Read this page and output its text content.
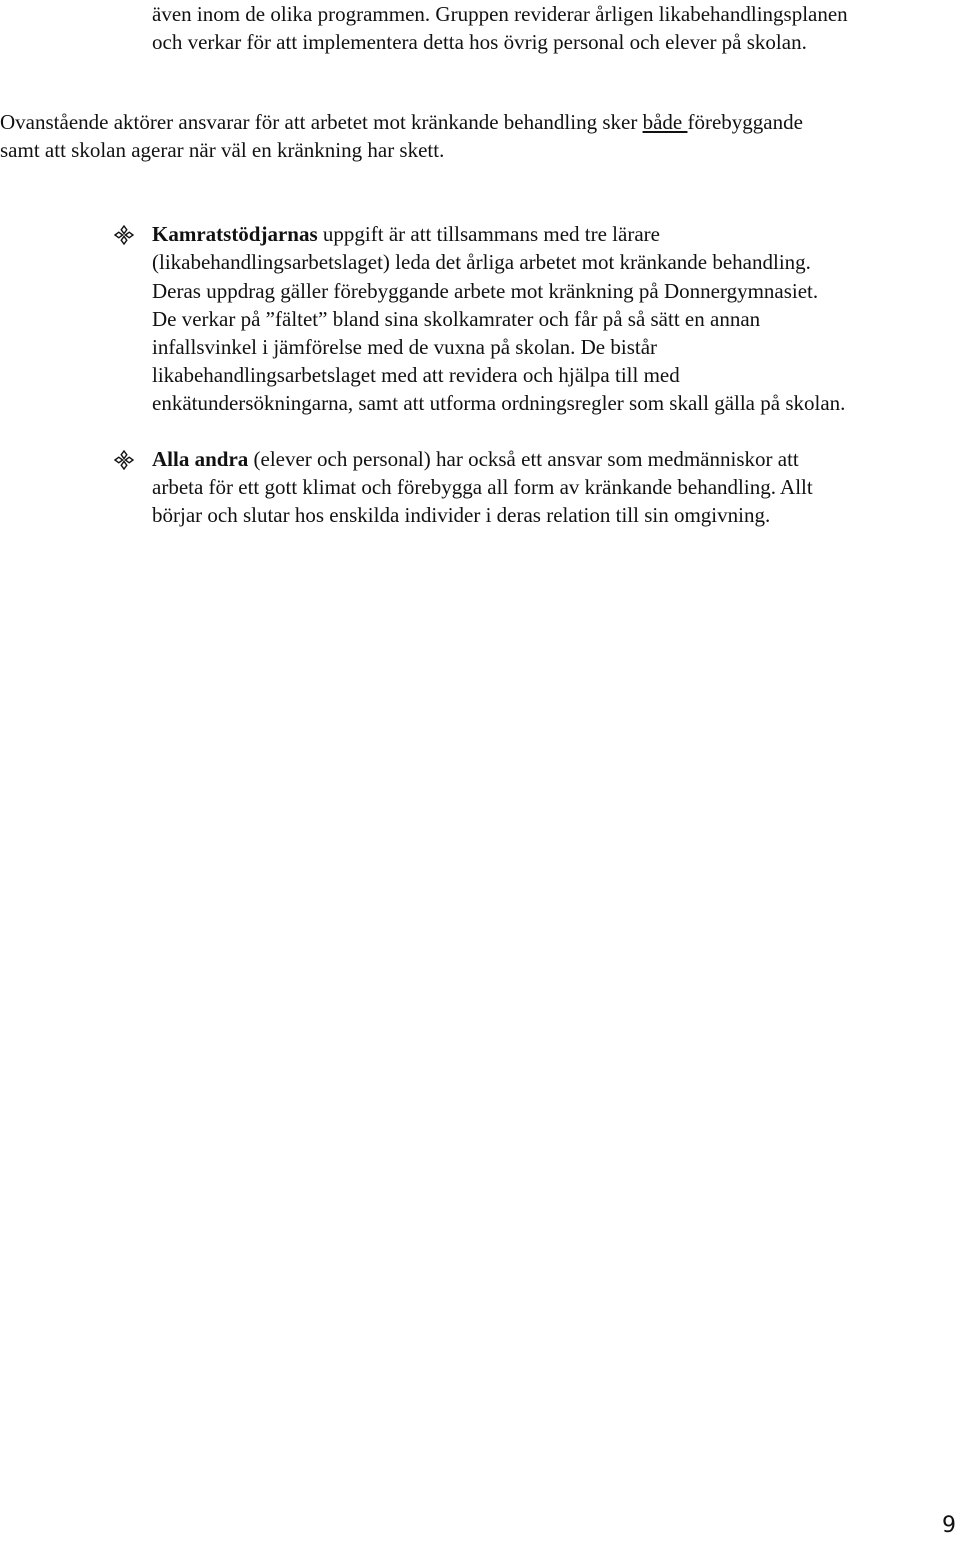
även inom de olika programmen. Gruppen reviderar årligen likabehandlingsplanen
och verkar för att implementera detta hos övrig personal och elever på skolan.
Ovanstående aktörer ansvarar för att arbetet mot kränkande behandling sker både förebyggande
samt att skolan agerar när väl en kränkning har skett.
Kamratstödjarnas uppgift är att tillsammans med tre lärare
(likabehandlingsarbetslaget) leda det årliga arbetet mot kränkande behandling.
Deras uppdrag gäller förebyggande arbete mot kränkning på Donnergymnasiet.
De verkar på ”fältet” bland sina skolkamrater och får på så sätt en annan
infallsvinkel i jämförelse med de vuxna på skolan. De bistår
likabehandlingsarbetslaget med att revidera och hjälpa till med
enkätundersökningarna, samt att utforma ordningsregler som skall gälla på skolan.
Alla andra (elever och personal) har också ett ansvar som medmänniskor att
arbeta för ett gott klimat och förebygga all form av kränkande behandling. Allt
börjar och slutar hos enskilda individer i deras relation till sin omgivning.
9
